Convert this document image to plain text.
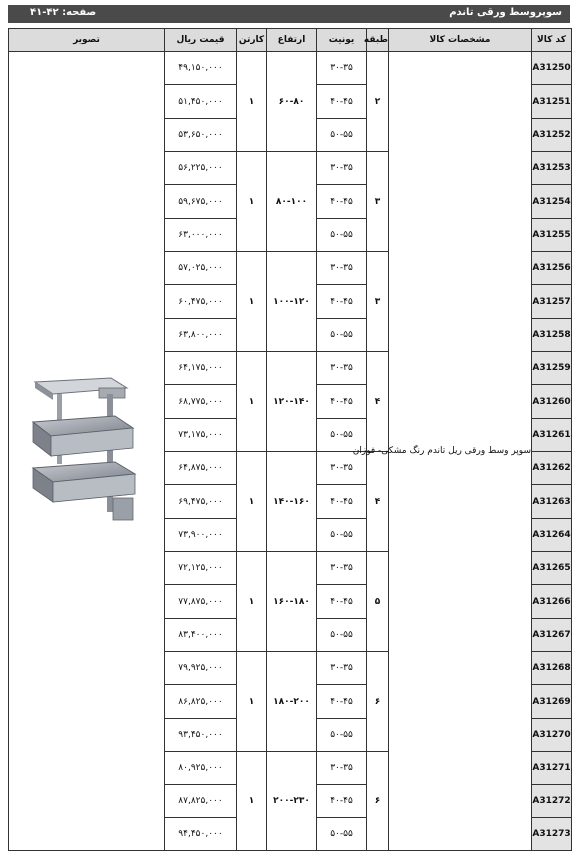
سوپروسط ورقی تاندم
صفحه: ۴۲-۴۱
کد کالا	مشخصات کالا	طبقه	یونیت	ارتفاع	کارتن	قیمت ریال	تصویر
A31250	سوپر وسط ورقی ریل تاندم رنگ مشکی- فوزان	۲	۳۰-۳۵	۶۰-۸۰	۱	۴۹,۱۵۰,۰۰۰	
A31251			۴۰-۴۵			۵۱,۴۵۰,۰۰۰	
A31252			۵۰-۵۵			۵۳,۶۵۰,۰۰۰	
A31253		۳	۳۰-۳۵	۸۰-۱۰۰	۱	۵۶,۲۲۵,۰۰۰	
A31254			۴۰-۴۵			۵۹,۶۷۵,۰۰۰	
A31255			۵۰-۵۵			۶۳,۰۰۰,۰۰۰	
A31256		۳	۳۰-۳۵	۱۰۰-۱۲۰	۱	۵۷,۰۲۵,۰۰۰	
A31257			۴۰-۴۵			۶۰,۴۷۵,۰۰۰	
A31258			۵۰-۵۵			۶۳,۸۰۰,۰۰۰	
A31259		۴	۳۰-۳۵	۱۲۰-۱۴۰	۱	۶۴,۱۷۵,۰۰۰	
A31260			۴۰-۴۵			۶۸,۷۷۵,۰۰۰	
A31261			۵۰-۵۵			۷۳,۱۷۵,۰۰۰	
A31262		۴	۳۰-۳۵	۱۴۰-۱۶۰	۱	۶۴,۸۷۵,۰۰۰	
A31263			۴۰-۴۵			۶۹,۴۷۵,۰۰۰	
A31264			۵۰-۵۵			۷۳,۹۰۰,۰۰۰	
A31265		۵	۳۰-۳۵	۱۶۰-۱۸۰	۱	۷۲,۱۲۵,۰۰۰	
A31266			۴۰-۴۵			۷۷,۸۷۵,۰۰۰	
A31267			۵۰-۵۵			۸۳,۴۰۰,۰۰۰	
A31268		۶	۳۰-۳۵	۱۸۰-۲۰۰	۱	۷۹,۹۲۵,۰۰۰	
A31269			۴۰-۴۵			۸۶,۸۲۵,۰۰۰	
A31270			۵۰-۵۵			۹۳,۴۵۰,۰۰۰	
A31271		۶	۳۰-۳۵	۲۰۰-۲۳۰	۱	۸۰,۹۲۵,۰۰۰	
A31272			۴۰-۴۵			۸۷,۸۲۵,۰۰۰	
A31273			۵۰-۵۵			۹۴,۴۵۰,۰۰۰	
